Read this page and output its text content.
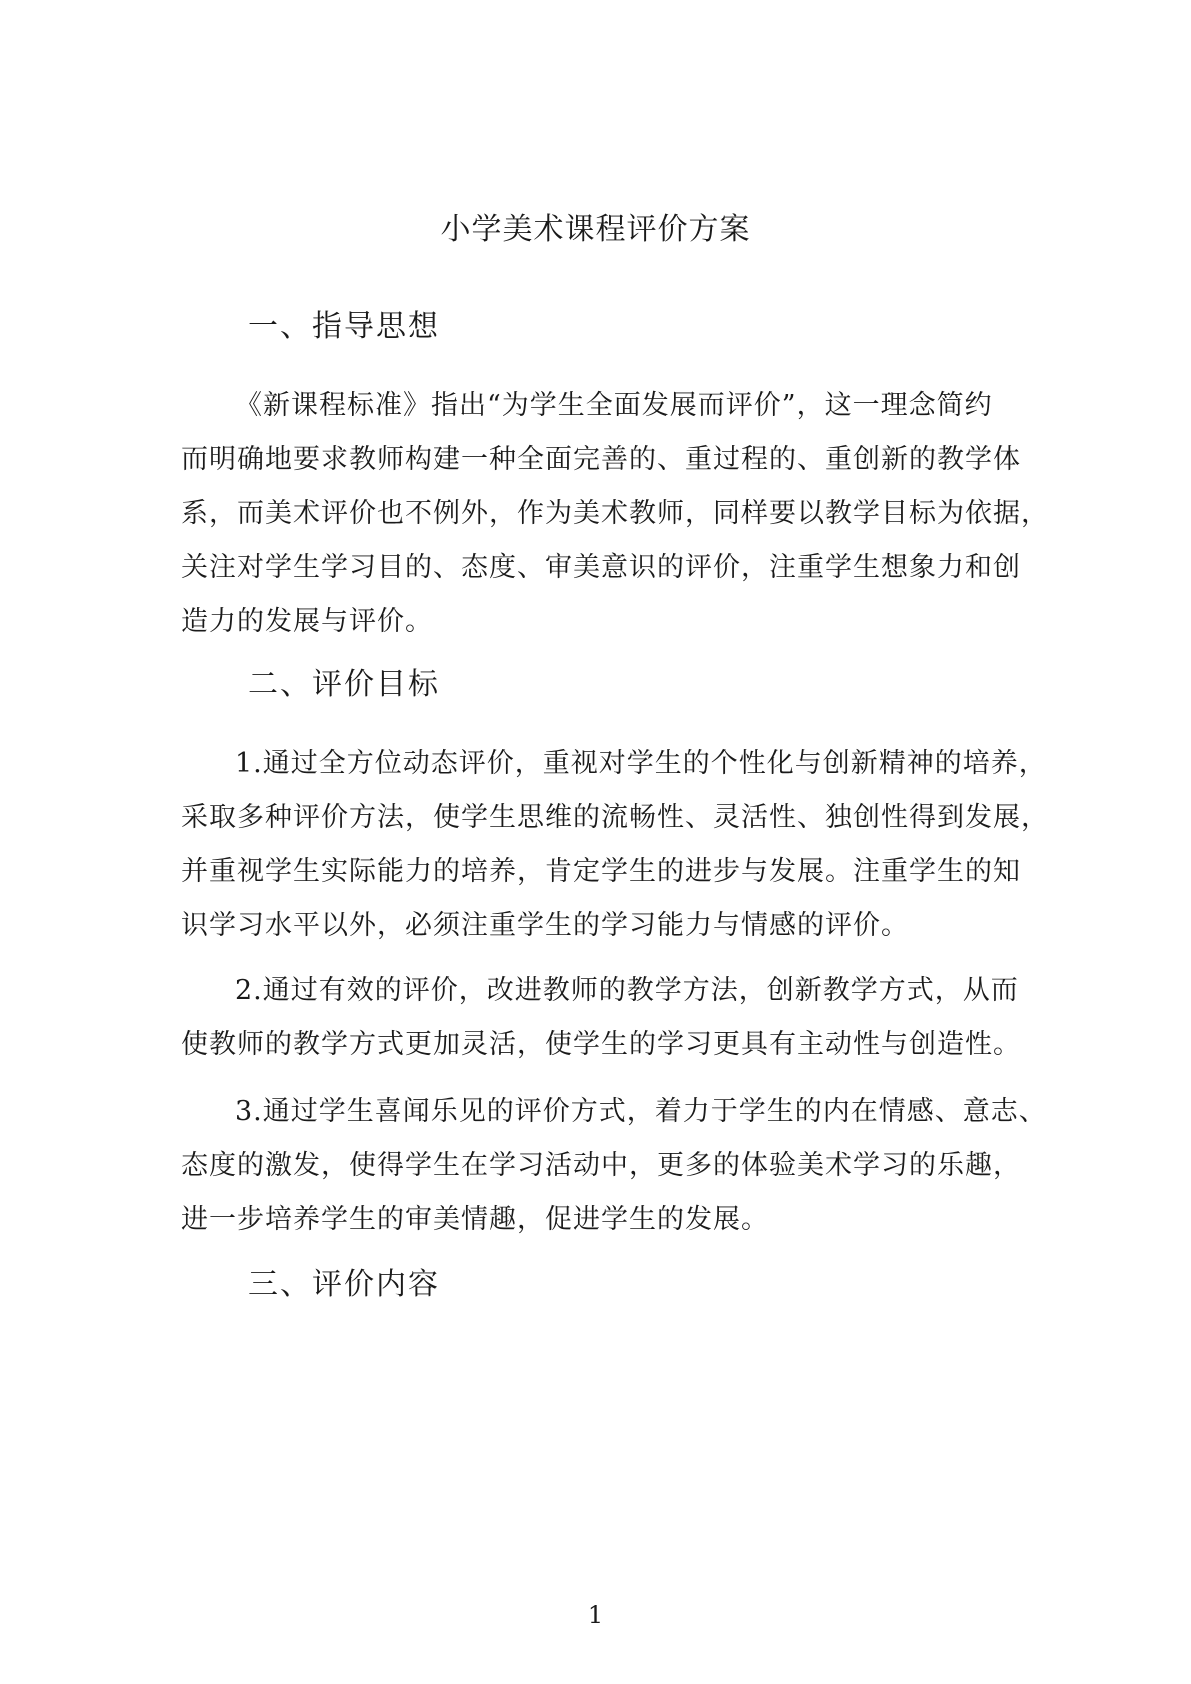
小学美术课程评价方案
一、指导思想
《新课程标准》指出“为学生全面发展而评价”，这一理念简约
而明确地要求教师构建一种全面完善的、重过程的、重创新的教学体
系，而美术评价也不例外，作为美术教师，同样要以教学目标为依据，
关注对学生学习目的、态度、审美意识的评价，注重学生想象力和创
造力的发展与评价。
二、评价目标
1.通过全方位动态评价，重视对学生的个性化与创新精神的培养，
采取多种评价方法，使学生思维的流畅性、灵活性、独创性得到发展，
并重视学生实际能力的培养，肯定学生的进步与发展。注重学生的知
识学习水平以外，必须注重学生的学习能力与情感的评价。
2.通过有效的评价，改进教师的教学方法，创新教学方式，从而
使教师的教学方式更加灵活，使学生的学习更具有主动性与创造性。
3.通过学生喜闻乐见的评价方式，着力于学生的内在情感、意志、
态度的激发，使得学生在学习活动中，更多的体验美术学习的乐趣，
进一步培养学生的审美情趣，促进学生的发展。
三、评价内容
1
